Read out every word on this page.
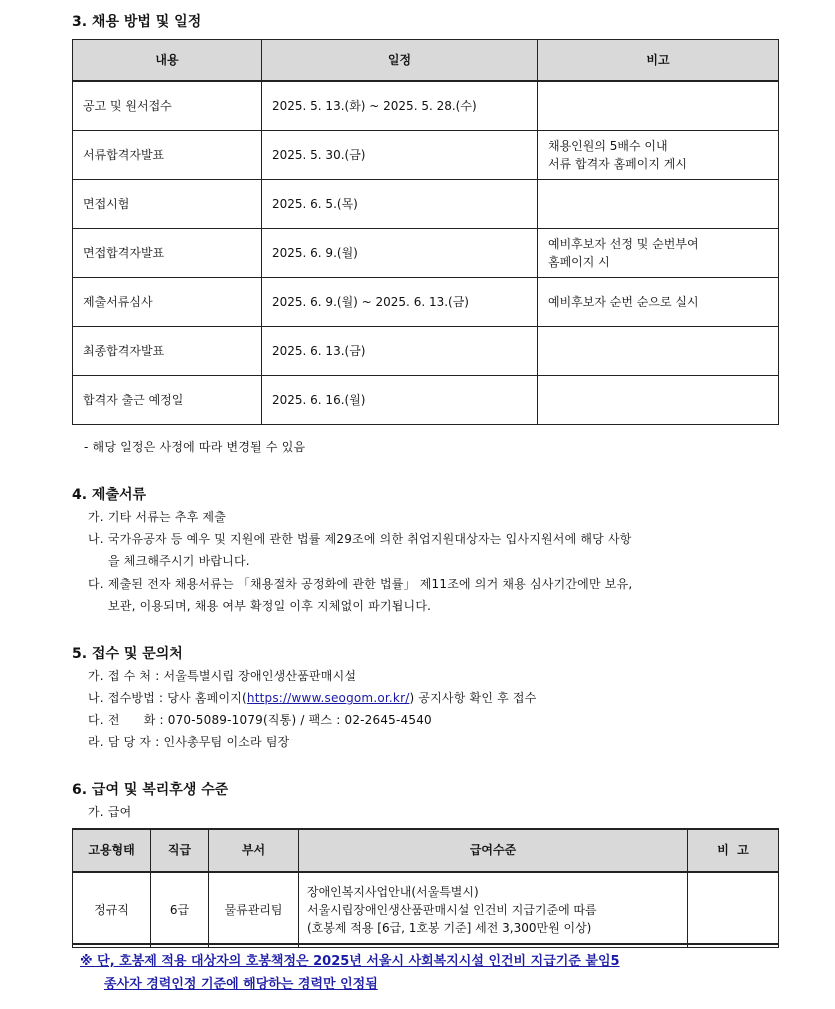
3. 채용 방법 및 일정
내용	일정	비고
공고 및 원서접수	2025. 5. 13.(화) ~ 2025. 5. 28.(수)	

서류합격자발표	2025. 5. 30.(금)	채용인원의 5배수 이내
서류 합격자 홈페이지 게시

면접시험	2025. 6. 5.(목)	

면접합격자발표	2025. 6. 9.(월)	예비후보자 선정 및 순번부여
홈페이지 시

제출서류심사	2025. 6. 9.(월) ~ 2025. 6. 13.(금)	예비후보자 순번 순으로 실시

최종합격자발표	2025. 6. 13.(금)	

합격자 출근 예정일	2025. 6. 16.(월)	
- 해당 일정은 사정에 따라 변경될 수 있음
4. 제출서류
가. 기타 서류는 추후 제출
나. 국가유공자 등 예우 및 지원에 관한 법률 제29조에 의한 취업지원대상자는 입사지원서에 해당 사항
을 체크해주시기 바랍니다.
다. 제출된 전자 채용서류는 「채용절차 공정화에 관한 법률」 제11조에 의거 채용 심사기간에만 보유,
보관, 이용되며, 채용 여부 확정일 이후 지체없이 파기됩니다.
5. 접수 및 문의처
가. 접 수 처 : 서울특별시립 장애인생산품판매시설
나. 접수방법 : 당사 홈페이지(https://www.seogom.or.kr/) 공지사항 확인 후 접수
다. 전      화 : 070-5089-1079(직통) / 팩스 : 02-2645-4540
라. 담 당 자 : 인사총무팀 이소라 팀장
6. 급여 및 복리후생 수준
가. 급여
고용형태	직급	부서	급여수준	비  고
정규직	6급	물류관리팀	장애인복지사업안내(서울특별시)
서울시립장애인생산품판매시설 인건비 지급기준에 따름
(호봉제 적용 [6급, 1호봉 기준] 세전 3,300만원 이상)	

※ 단, 호봉제 적용 대상자의 호봉책정은 2025년 서울시 사회복지시설 인건비 지급기준 붙임5
종사자 경력인정 기준에 해당하는 경력만 인정됨
